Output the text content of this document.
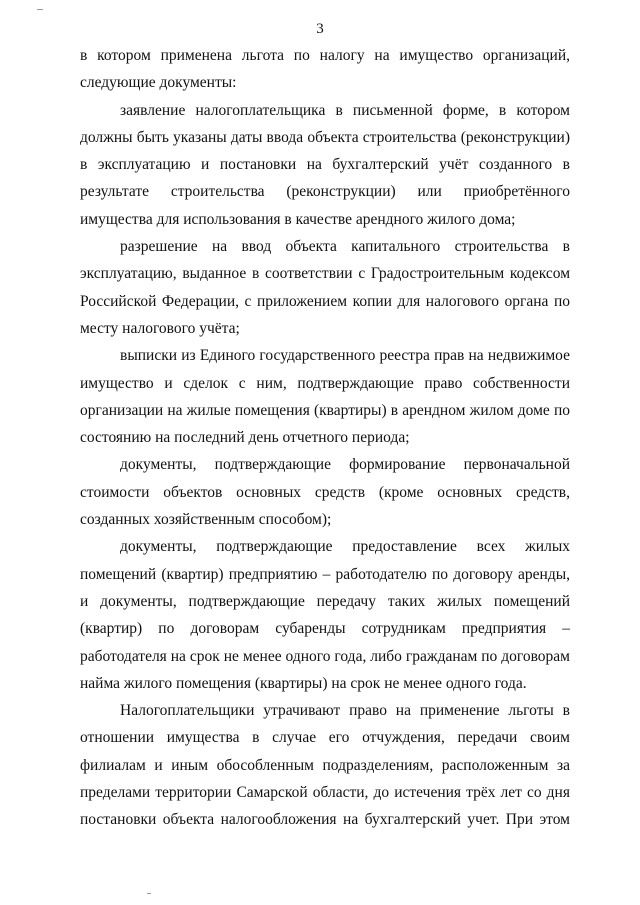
3

в котором применена льгота по налогу на имущество организаций, следующие документы:

заявление налогоплательщика в письменной форме, в котором должны быть указаны даты ввода объекта строительства (реконструкции) в эксплуатацию и постановки на бухгалтерский учёт созданного в результате строительства (реконструкции) или приобретённого имущества для использования в качестве арендного жилого дома;

разрешение на ввод объекта капитального строительства в эксплуатацию, выданное в соответствии с Градостроительным кодексом Российской Федерации, с приложением копии для налогового органа по месту налогового учёта;

выписки из Единого государственного реестра прав на недвижимое имущество и сделок с ним, подтверждающие право собственности организации на жилые помещения (квартиры) в арендном жилом доме по состоянию на последний день отчетного периода;

документы, подтверждающие формирование первоначальной стоимости объектов основных средств (кроме основных средств, созданных хозяйственным способом);

документы, подтверждающие предоставление всех жилых помещений (квартир) предприятию – работодателю по договору аренды, и документы, подтверждающие передачу таких жилых помещений (квартир) по договорам субаренды сотрудникам предприятия – работодателя на срок не менее одного года, либо гражданам по договорам найма жилого помещения (квартиры) на срок не менее одного года.

Налогоплательщики утрачивают право на применение льготы в отношении имущества в случае его отчуждения, передачи своим филиалам и иным обособленным подразделениям, расположенным за пределами территории Самарской области, до истечения трёх лет со дня постановки объекта налогообложения на бухгалтерский учет. При этом
